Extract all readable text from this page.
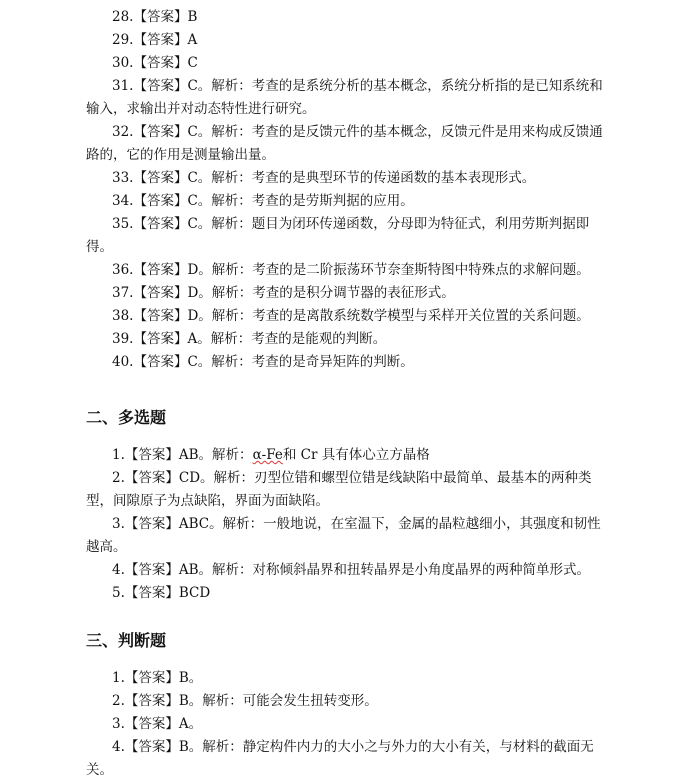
28.【答案】B

29.【答案】A

30.【答案】C

31.【答案】C。解析：考查的是系统分析的基本概念，系统分析指的是已知系统和输入，求输出并对动态特性进行研究。

32.【答案】C。解析：考查的是反馈元件的基本概念，反馈元件是用来构成反馈通路的，它的作用是测量输出量。

33.【答案】C。解析：考查的是典型环节的传递函数的基本表现形式。

34.【答案】C。解析：考查的是劳斯判据的应用。

35.【答案】C。解析：题目为闭环传递函数，分母即为特征式，利用劳斯判据即得。

36.【答案】D。解析：考查的是二阶振荡环节奈奎斯特图中特殊点的求解问题。

37.【答案】D。解析：考查的是积分调节器的表征形式。

38.【答案】D。解析：考查的是离散系统数学模型与采样开关位置的关系问题。

39.【答案】A。解析：考查的是能观的判断。

40.【答案】C。解析：考查的是奇异矩阵的判断。

二、多选题

1.【答案】AB。解析：α-Fe和 Cr 具有体心立方晶格

2.【答案】CD。解析：刃型位错和螺型位错是线缺陷中最简单、最基本的两种类型，间隙原子为点缺陷，界面为面缺陷。

3.【答案】ABC。解析：一般地说，在室温下，金属的晶粒越细小，其强度和韧性越高。

4.【答案】AB。解析：对称倾斜晶界和扭转晶界是小角度晶界的两种简单形式。

5.【答案】BCD

三、判断题

1.【答案】B。

2.【答案】B。解析：可能会发生扭转变形。

3.【答案】A。

4.【答案】B。解析：静定构件内力的大小之与外力的大小有关，与材料的截面无关。
